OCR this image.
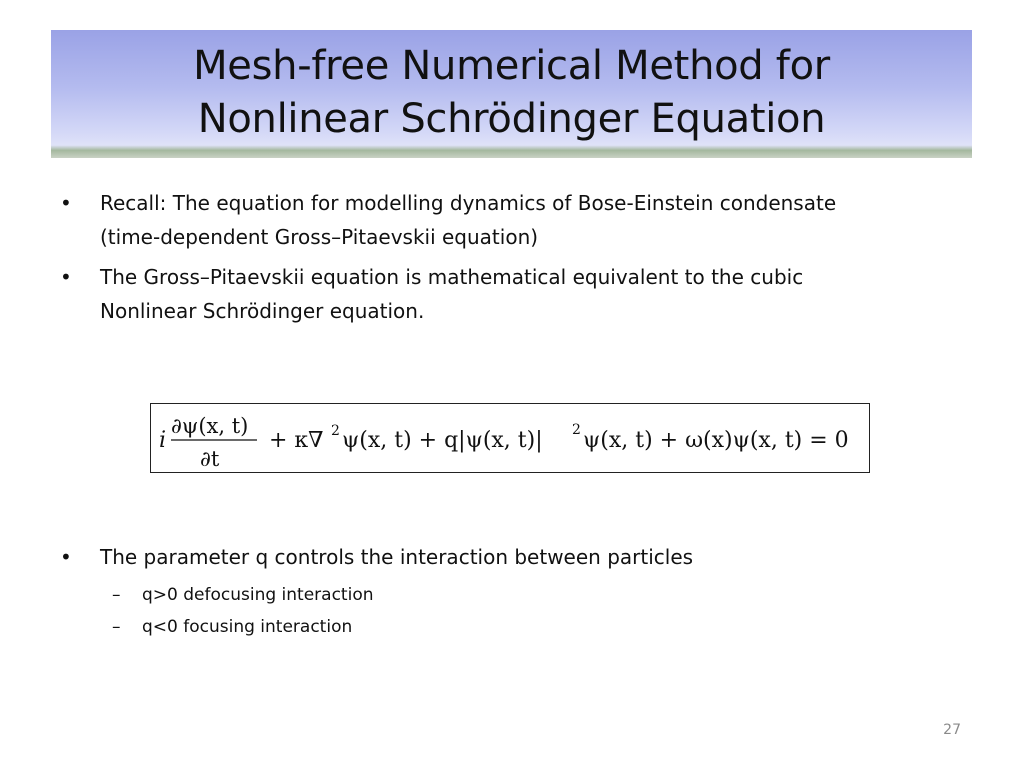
Mesh-free Numerical Method for
Nonlinear Schrödinger Equation
• Recall: The equation for modelling dynamics of Bose-Einstein condensate
(time-dependent Gross–Pitaevskii equation)
• The Gross–Pitaevskii equation is mathematical equivalent to the cubic
Nonlinear Schrödinger equation.
i
∂ψ(x, t)
∂t
+ κ∇ 2 ψ(x, t) + q|ψ(x, t)| 2 ψ(x, t) + ω(x)ψ(x, t) = 0
• The parameter q controls the interaction between particles
– q>0 defocusing interaction
– q<0 focusing interaction
27
